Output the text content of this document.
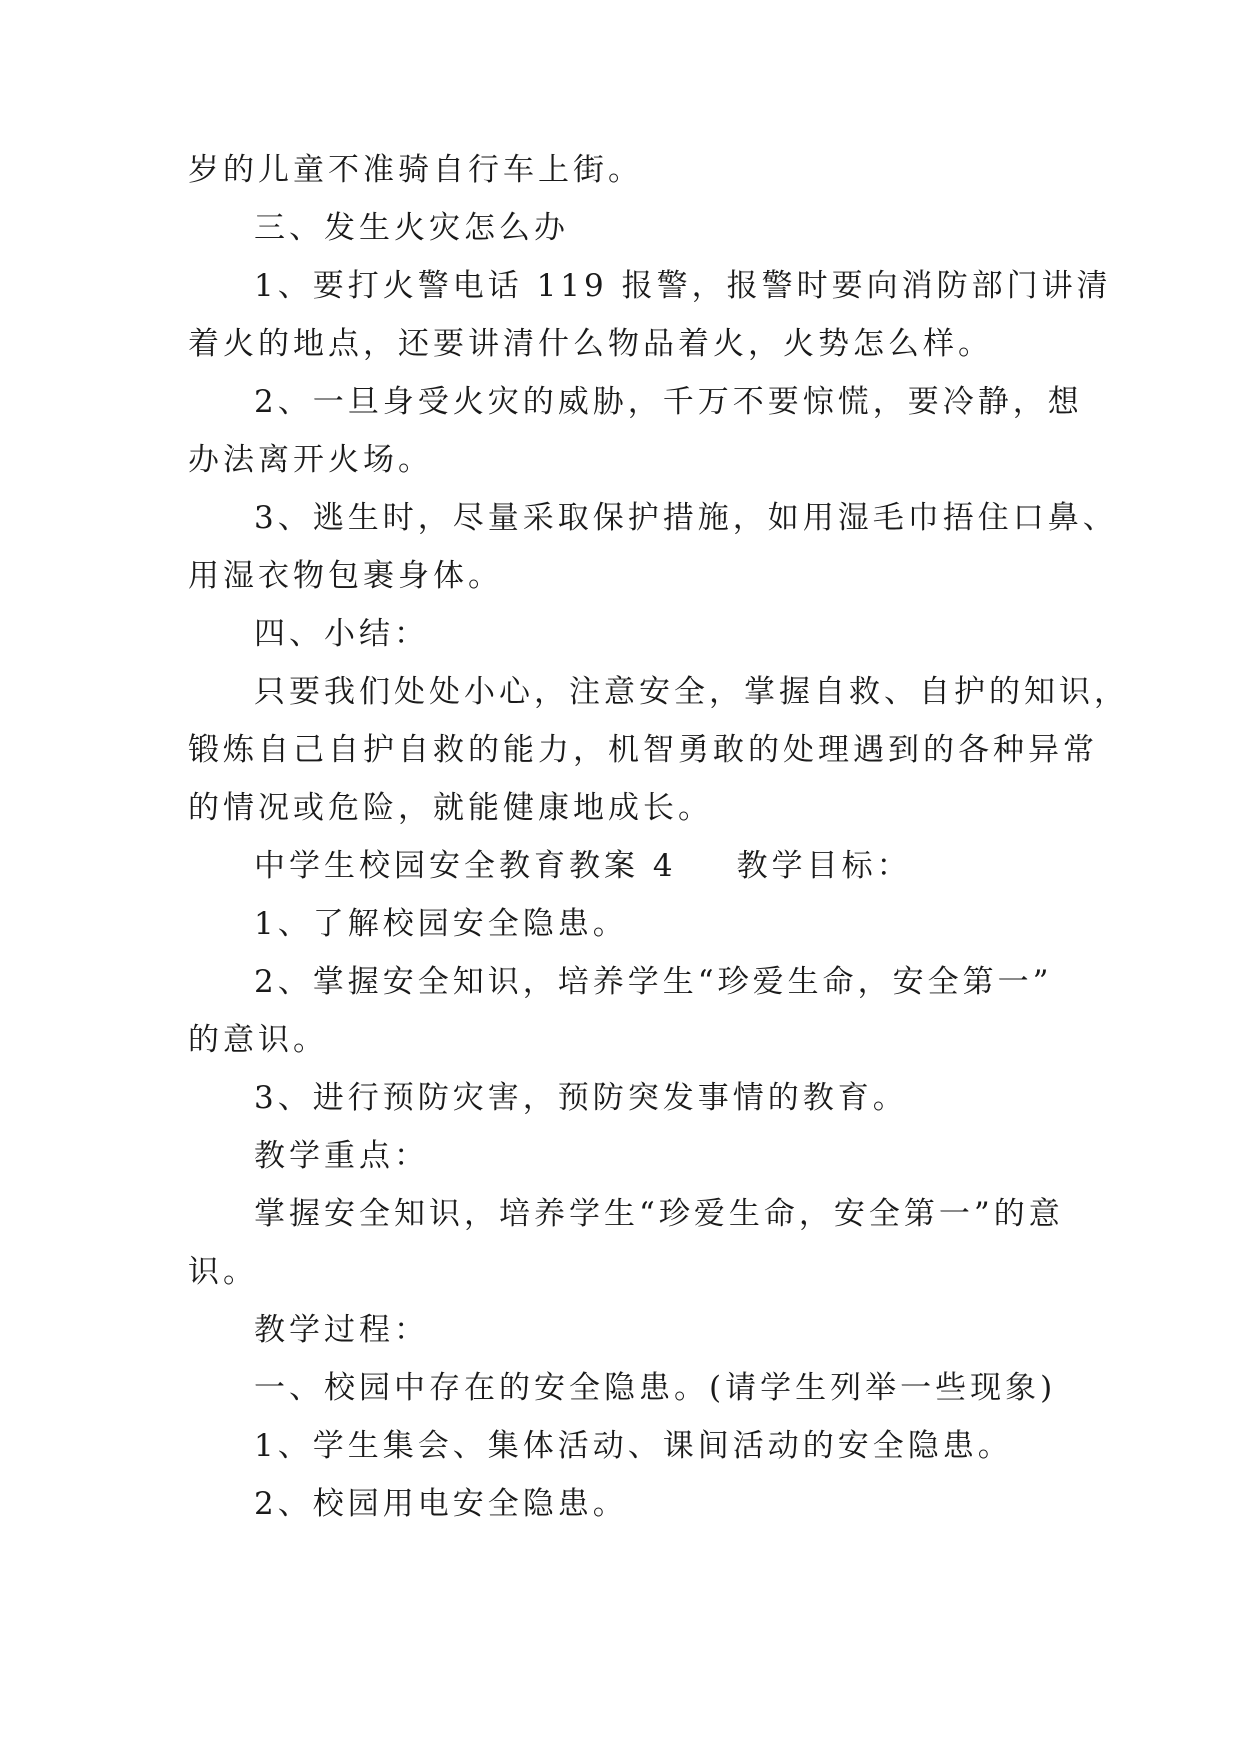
岁的儿童不准骑自行车上街。
三、发生火灾怎么办
1、要打火警电话 119 报警，报警时要向消防部门讲清
着火的地点，还要讲清什么物品着火，火势怎么样。
2、一旦身受火灾的威胁，千万不要惊慌，要冷静，想
办法离开火场。
3、逃生时，尽量采取保护措施，如用湿毛巾捂住口鼻、
用湿衣物包裹身体。
四、小结：
只要我们处处小心，注意安全，掌握自救、自护的知识，
锻炼自己自护自救的能力，机智勇敢的处理遇到的各种异常
的情况或危险，就能健康地成长。
中学生校园安全教育教案 4 教学目标：
1、了解校园安全隐患。
2、掌握安全知识，培养学生“珍爱生命，安全第一”
的意识。
3、进行预防灾害，预防突发事情的教育。
教学重点：
掌握安全知识，培养学生“珍爱生命，安全第一”的意
识。
教学过程：
一、校园中存在的安全隐患。(请学生列举一些现象)
1、学生集会、集体活动、课间活动的安全隐患。
2、校园用电安全隐患。
